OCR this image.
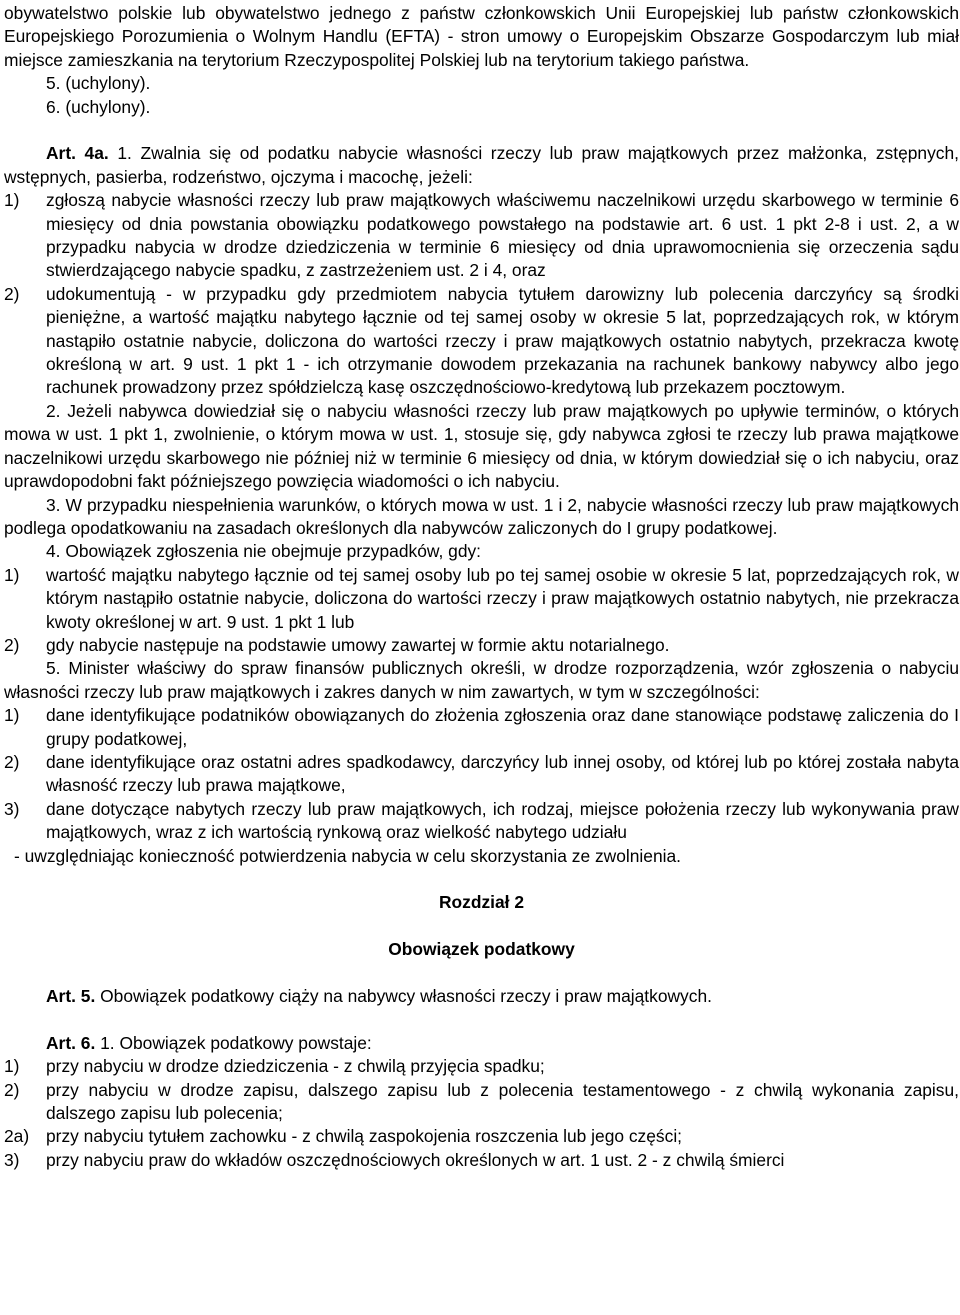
obywatelstwo polskie lub obywatelstwo jednego z państw członkowskich Unii Europejskiej lub państw członkowskich Europejskiego Porozumienia o Wolnym Handlu (EFTA) - stron umowy o Europejskim Obszarze Gospodarczym lub miał miejsce zamieszkania na terytorium Rzeczypospolitej Polskiej lub na terytorium takiego państwa.

5. (uchylony).

6. (uchylony).

Art. 4a. 1. Zwalnia się od podatku nabycie własności rzeczy lub praw majątkowych przez małżonka, zstępnych, wstępnych, pasierba, rodzeństwo, ojczyma i macochę, jeżeli:

1)	zgłoszą nabycie własności rzeczy lub praw majątkowych właściwemu naczelnikowi urzędu skarbowego w terminie 6 miesięcy od dnia powstania obowiązku podatkowego powstałego na podstawie art. 6 ust. 1 pkt 2-8 i ust. 2, a w przypadku nabycia w drodze dziedziczenia w terminie 6 miesięcy od dnia uprawomocnienia się orzeczenia sądu stwierdzającego nabycie spadku, z zastrzeżeniem ust. 2 i 4, oraz
2)	udokumentują - w przypadku gdy przedmiotem nabycia tytułem darowizny lub polecenia darczyńcy są środki pieniężne, a wartość majątku nabytego łącznie od tej samej osoby w okresie 5 lat, poprzedzających rok, w którym nastąpiło ostatnie nabycie, doliczona do wartości rzeczy i praw majątkowych ostatnio nabytych, przekracza kwotę określoną w art. 9 ust. 1 pkt 1 - ich otrzymanie dowodem przekazania na rachunek bankowy nabywcy albo jego rachunek prowadzony przez spółdzielczą kasę oszczędnościowo-kredytową lub przekazem pocztowym.

2. Jeżeli nabywca dowiedział się o nabyciu własności rzeczy lub praw majątkowych po upływie terminów, o których mowa w ust. 1 pkt 1, zwolnienie, o którym mowa w ust. 1, stosuje się, gdy nabywca zgłosi te rzeczy lub prawa majątkowe naczelnikowi urzędu skarbowego nie później niż w terminie 6 miesięcy od dnia, w którym dowiedział się o ich nabyciu, oraz uprawdopodobni fakt późniejszego powzięcia wiadomości o ich nabyciu.

3. W przypadku niespełnienia warunków, o których mowa w ust. 1 i 2, nabycie własności rzeczy lub praw majątkowych podlega opodatkowaniu na zasadach określonych dla nabywców zaliczonych do I grupy podatkowej.

4. Obowiązek zgłoszenia nie obejmuje przypadków, gdy:

1)	wartość majątku nabytego łącznie od tej samej osoby lub po tej samej osobie w okresie 5 lat, poprzedzających rok, w którym nastąpiło ostatnie nabycie, doliczona do wartości rzeczy i praw majątkowych ostatnio nabytych, nie przekracza kwoty określonej w art. 9 ust. 1 pkt 1 lub
2)	gdy nabycie następuje na podstawie umowy zawartej w formie aktu notarialnego.

5. Minister właściwy do spraw finansów publicznych określi, w drodze rozporządzenia, wzór zgłoszenia o nabyciu własności rzeczy lub praw majątkowych i zakres danych w nim zawartych, w tym w szczególności:

1)	dane identyfikujące podatników obowiązanych do złożenia zgłoszenia oraz dane stanowiące podstawę zaliczenia do I grupy podatkowej,
2)	dane identyfikujące oraz ostatni adres spadkodawcy, darczyńcy lub innej osoby, od której lub po której została nabyta własność rzeczy lub prawa majątkowe,
3)	dane dotyczące nabytych rzeczy lub praw majątkowych, ich rodzaj, miejsce położenia rzeczy lub wykonywania praw majątkowych, wraz z ich wartością rynkową oraz wielkość nabytego udziału

- uwzględniając konieczność potwierdzenia nabycia w celu skorzystania ze zwolnienia.

Rozdział 2

Obowiązek podatkowy

Art. 5. Obowiązek podatkowy ciąży na nabywcy własności rzeczy i praw majątkowych.

Art. 6. 1. Obowiązek podatkowy powstaje:

1)	przy nabyciu w drodze dziedziczenia - z chwilą przyjęcia spadku;
2)	przy nabyciu w drodze zapisu, dalszego zapisu lub z polecenia testamentowego - z chwilą wykonania zapisu, dalszego zapisu lub polecenia;
2a) przy nabyciu tytułem zachowku - z chwilą zaspokojenia roszczenia lub jego części;
3)	przy nabyciu praw do wkładów oszczędnościowych określonych w art. 1 ust. 2 - z chwilą śmierci
